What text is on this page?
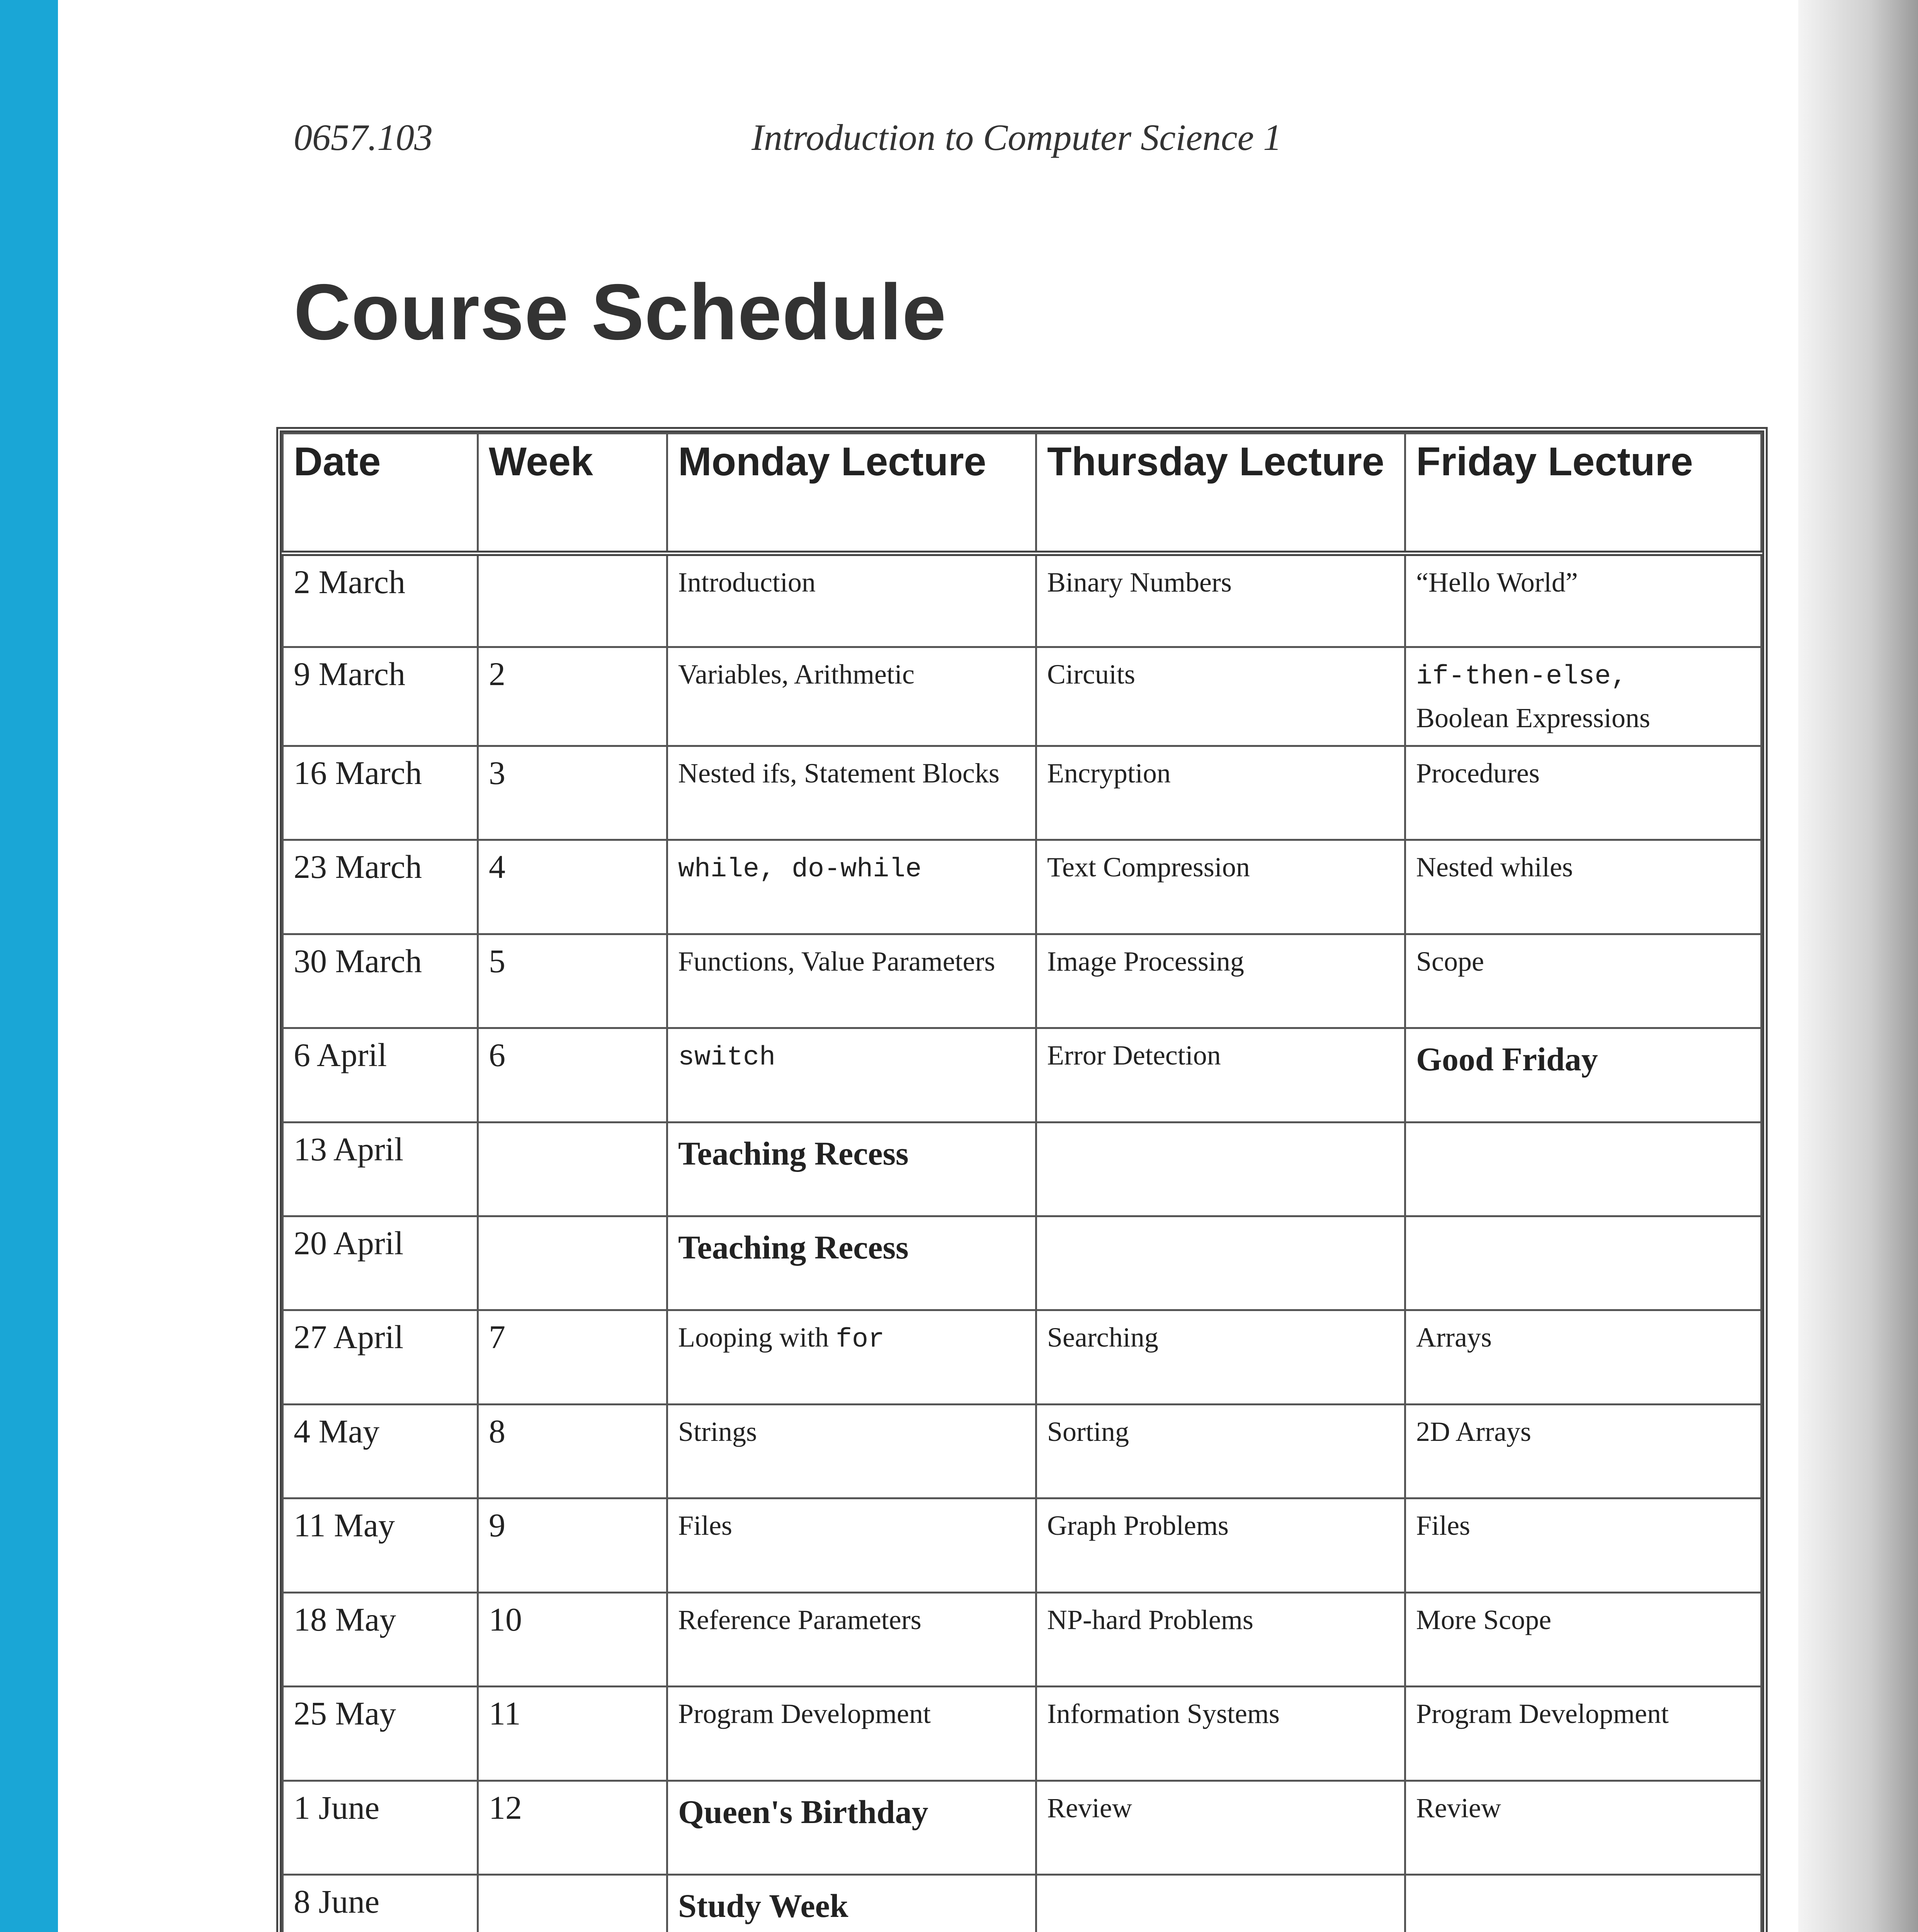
0657.103	Introduction to Computer Science 1
Course Schedule
Date	Week	Monday Lecture	Thursday Lecture	Friday Lecture
2 March		Introduction	Binary Numbers	“Hello World”
9 March	2	Variables, Arithmetic	Circuits	if-then-else,
Boolean Expressions
16 March	3	Nested ifs, Statement Blocks	Encryption	Procedures
23 March	4	while, do-while	Text Compression	Nested whiles
30 March	5	Functions, Value Parameters	Image Processing	Scope
6 April	6	switch	Error Detection	Good Friday
13 April		Teaching Recess		
20 April		Teaching Recess		
27 April	7	Looping with for	Searching	Arrays
4 May	8	Strings	Sorting	2D Arrays
11 May	9	Files	Graph Problems	Files
18 May	10	Reference Parameters	NP-hard Problems	More Scope
25 May	11	Program Development	Information Systems	Program Development
1 June	12	Queen's Birthday	Review	Review
8 June		Study Week		
